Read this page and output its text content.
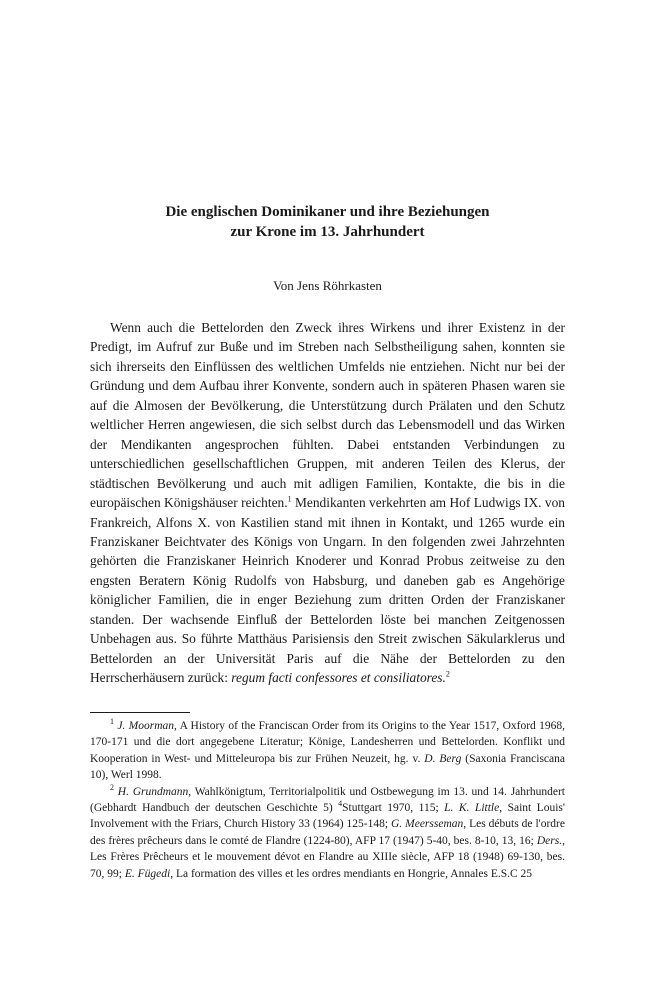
Die englischen Dominikaner und ihre Beziehungen
zur Krone im 13. Jahrhundert
Von Jens Röhrkasten

Wenn auch die Bettelorden den Zweck ihres Wirkens und ihrer Existenz in der Predigt, im Aufruf zur Buße und im Streben nach Selbstheiligung sahen, konnten sie sich ihrerseits den Einflüssen des weltlichen Umfelds nie entziehen. Nicht nur bei der Gründung und dem Aufbau ihrer Konvente, sondern auch in späteren Phasen waren sie auf die Almosen der Bevölkerung, die Unterstützung durch Prälaten und den Schutz weltlicher Herren angewiesen, die sich selbst durch das Lebensmodell und das Wirken der Mendikanten angesprochen fühlten. Dabei entstanden Verbindungen zu unterschiedlichen gesellschaftlichen Gruppen, mit anderen Teilen des Klerus, der städtischen Bevölkerung und auch mit adligen Familien, Kontakte, die bis in die europäischen Königshäuser reichten.$^1$ Mendikanten verkehrten am Hof Ludwigs IX. von Frankreich, Alfons X. von Kastilien stand mit ihnen in Kontakt, und 1265 wurde ein Franziskaner Beichtvater des Königs von Ungarn. In den folgenden zwei Jahrzehnten gehörten die Franziskaner Heinrich Knoderer und Konrad Probus zeitweise zu den engsten Beratern König Rudolfs von Habsburg, und daneben gab es Angehörige königlicher Familien, die in enger Beziehung zum dritten Orden der Franziskaner standen. Der wachsende Einfluß der Bettelorden löste bei manchen Zeitgenossen Unbehagen aus. So führte Matthäus Parisiensis den Streit zwischen Säkularklerus und Bettelorden an der Universität Paris auf die Nähe der Bettelorden zu den Herrscherhäusern zurück: regum facti confessores et consiliatores.$^2$

$^1$ J. Moorman, A History of the Franciscan Order from its Origins to the Year 1517, Oxford 1968, 170-171 und die dort angegebene Literatur; Könige, Landesherren und Bettelorden. Konflikt und Kooperation in West- und Mitteleuropa bis zur Frühen Neuzeit, hg. v. D. Berg (Saxonia Franciscana 10), Werl 1998.

$^2$ H. Grundmann, Wahlkönigtum, Territorialpolitik und Ostbewegung im 13. und 14. Jahrhundert (Gebhardt Handbuch der deutschen Geschichte 5) $^4$Stuttgart 1970, 115; L. K. Little, Saint Louis' Involvement with the Friars, Church History 33 (1964) 125-148; G. Meersseman, Les débuts de l'ordre des frères prêcheurs dans le comté de Flandre (1224-80), AFP 17 (1947) 5-40, bes. 8-10, 13, 16; Ders., Les Frères Prêcheurs et le mouvement dévot en Flandre au XIIIe siècle, AFP 18 (1948) 69-130, bes. 70, 99; E. Fügedi, La formation des villes et les ordres mendiants en Hongrie, Annales E.S.C 25
